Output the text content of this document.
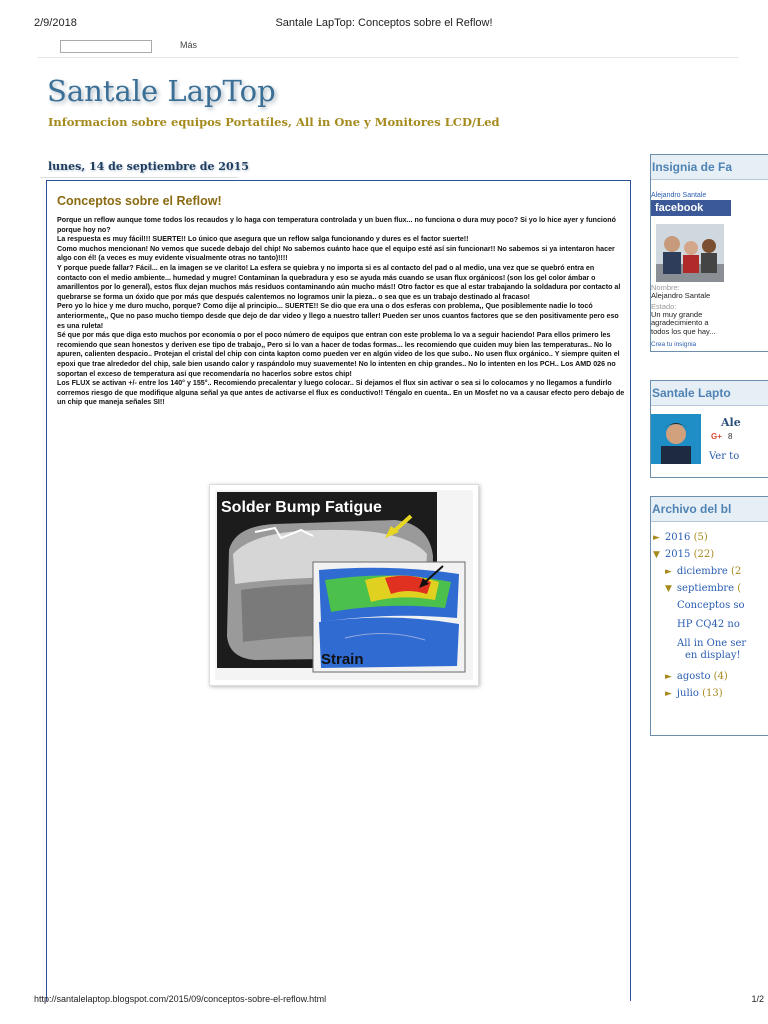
2/9/2018	Santale LapTop: Conceptos sobre el Reflow!
Más
Santale LapTop

Informacion sobre equipos Portatíles, All in One y Monitores LCD/Led

lunes, 14 de septiembre de 2015
Conceptos sobre el Reflow!

Porque un reflow aunque tome todos los recaudos y lo haga con temperatura controlada y un buen flux... no funciona o dura muy poco? Si yo lo hice ayer y funcionó porque hoy no?

La respuesta es muy fácil!!! SUERTE!! Lo único que asegura que un reflow salga funcionando y dures es el factor suerte!!

Como muchos mencionan! No vemos que sucede debajo del chip! No sabemos cuánto hace que el equipo esté así sin funcionar!! No sabemos si ya intentaron hacer algo con él! (a veces es muy evidente visualmente otras no tanto)!!!!

Y porque puede fallar? Fácil... en la imagen se ve clarito! La esfera se quiebra y no importa si es al contacto del pad o al medio, una vez que se quebró entra en contacto con el medio ambiente... humedad y mugre! Contaminan la quebradura y eso se ayuda más cuando se usan flux orgánicos! (son los gel color ámbar o amarillentos por lo general), estos flux dejan muchos más residuos contaminando aún mucho más!! Otro factor es que al estar trabajando la soldadura por contacto al quebrarse se forma un óxido que por más que después calentemos no logramos unir la pieza.. o sea que es un trabajo destinado al fracaso!

Pero yo lo hice y me duro mucho, porque? Como dije al principio... SUERTE!! Se dio que era una o dos esferas con problema,, Que posiblemente nadie lo tocó anteriormente,, Que no paso mucho tiempo desde que dejo de dar video y llego a nuestro taller! Pueden ser unos cuantos factores que se den positivamente pero eso es una ruleta!

Sé que por más que diga esto muchos por economía o por el poco número de equipos que entran con este problema lo va a seguir haciendo! Para ellos primero les recomiendo que sean honestos y deriven ese tipo de trabajo,, Pero si lo van a hacer de todas formas... les recomiendo que cuiden muy bien las temperaturas.. No lo apuren, calienten despacio.. Protejan el cristal del chip con cinta kapton como pueden ver en algún video de los que subo.. No usen flux orgánico.. Y siempre quiten el epoxi que trae alrededor del chip, sale bien usando calor y raspándolo muy suavemente! No lo intenten en chip grandes.. No lo intenten en los PCH.. Los AMD 026 no soportan el exceso de temperatura así que recomendaría no hacerlos sobre estos chip!

Los FLUX se activan +/- entre los 140° y 155°.. Recomiendo precalentar y luego colocar.. Si dejamos el flux sin activar o sea si lo colocamos y no llegamos a fundirlo corremos riesgo de que modifique alguna señal ya que antes de activarse el flux es conductivo!! Téngalo en cuenta.. En un Mosfet no va a causar efecto pero debajo de un chip que maneja señales SI!!

Solder Bump Fatigue
Strain
Insignia de Fa
Alejandro Santale
facebook
Nombre:
Alejandro Santale
Estado:
Un muy grande agradecimiento a todos los que hay...
Crea tu insignia
Santale Lapto
Ale
G+ 8
Ver to
Archivo del bl
► 2016 (5)
▼ 2015 (22)
► diciembre (2
▼ septiembre (
Conceptos so
HP CQ42 no
All in One ser
en display!
► agosto (4)
► julio (13)
http://santalelaptop.blogspot.com/2015/09/conceptos-sobre-el-reflow.html	1/2
